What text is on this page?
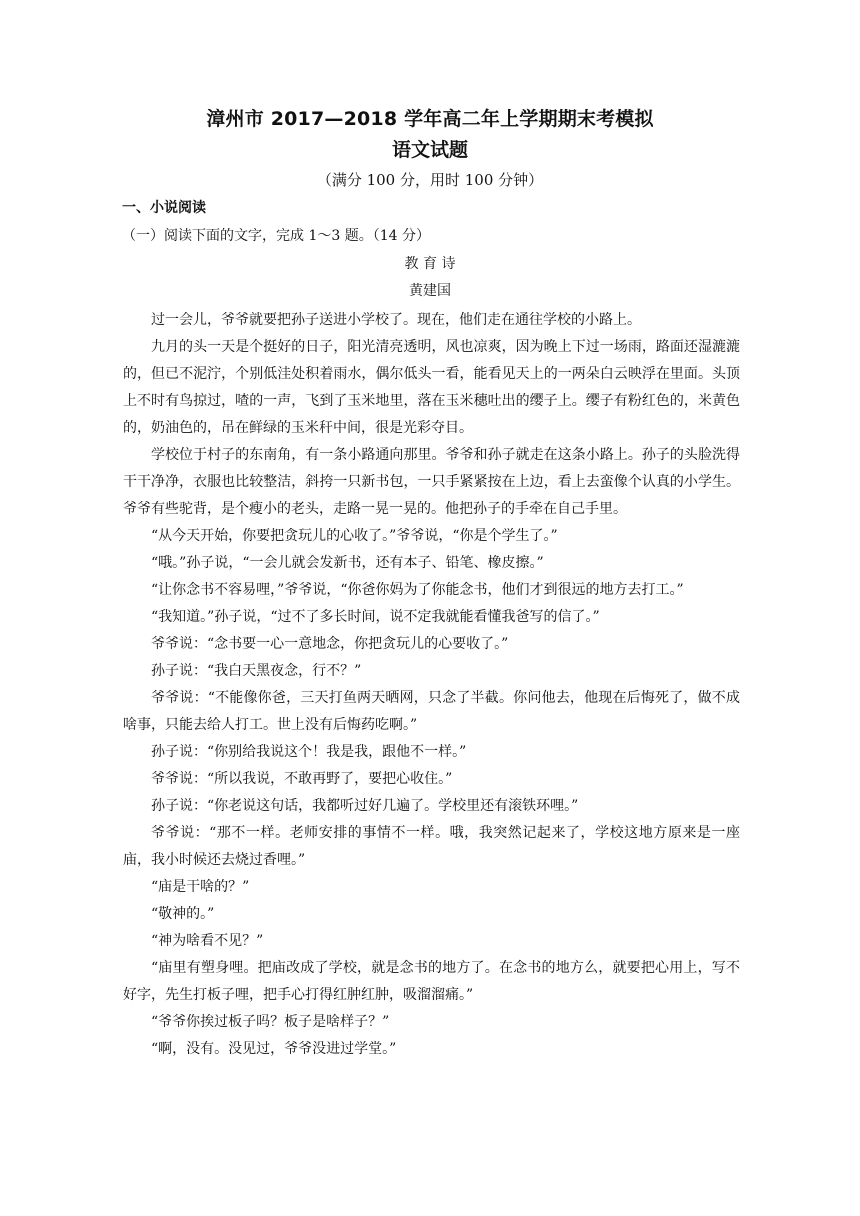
漳州市 2017—2018 学年高二年上学期期末考模拟
语文试题
（满分 100 分，用时 100 分钟）
一、小说阅读
（一）阅读下面的文字，完成 1～3 题。（14 分）
教 育 诗
黄建国

过一会儿，爷爷就要把孙子送进小学校了。现在，他们走在通往学校的小路上。

九月的头一天是个挺好的日子，阳光清亮透明，风也凉爽，因为晚上下过一场雨，路面还湿漉漉的，但已不泥泞，个别低洼处积着雨水，偶尔低头一看，能看见天上的一两朵白云映浮在里面。头顶上不时有鸟掠过，喳的一声，飞到了玉米地里，落在玉米穗吐出的缨子上。缨子有粉红色的，米黄色的，奶油色的，吊在鲜绿的玉米秆中间，很是光彩夺目。

学校位于村子的东南角，有一条小路通向那里。爷爷和孙子就走在这条小路上。孙子的头脸洗得干干净净，衣服也比较整洁，斜挎一只新书包，一只手紧紧按在上边，看上去蛮像个认真的小学生。爷爷有些驼背，是个瘦小的老头，走路一晃一晃的。他把孙子的手牵在自己手里。

“从今天开始，你要把贪玩儿的心收了。”爷爷说，“你是个学生了。”

“哦。”孙子说，“一会儿就会发新书，还有本子、铅笔、橡皮擦。”

“让你念书不容易哩，”爷爷说，“你爸你妈为了你能念书，他们才到很远的地方去打工。”

“我知道。”孙子说，“过不了多长时间，说不定我就能看懂我爸写的信了。”

爷爷说：“念书要一心一意地念，你把贪玩儿的心要收了。”

孙子说：“我白天黑夜念，行不？”

爷爷说：“不能像你爸，三天打鱼两天晒网，只念了半截。你问他去，他现在后悔死了，做不成啥事，只能去给人打工。世上没有后悔药吃啊。”

孙子说：“你别给我说这个！我是我，跟他不一样。”

爷爷说：“所以我说，不敢再野了，要把心收住。”

孙子说：“你老说这句话，我都听过好几遍了。学校里还有滚铁环哩。”

爷爷说：“那不一样。老师安排的事情不一样。哦，我突然记起来了，学校这地方原来是一座庙，我小时候还去烧过香哩。”

“庙是干啥的？”

“敬神的。”

“神为啥看不见？”

“庙里有塑身哩。把庙改成了学校，就是念书的地方了。在念书的地方么，就要把心用上，写不好字，先生打板子哩，把手心打得红肿红肿，吸溜溜痛。”

“爷爷你挨过板子吗？板子是啥样子？”

“啊，没有。没见过，爷爷没进过学堂。”
